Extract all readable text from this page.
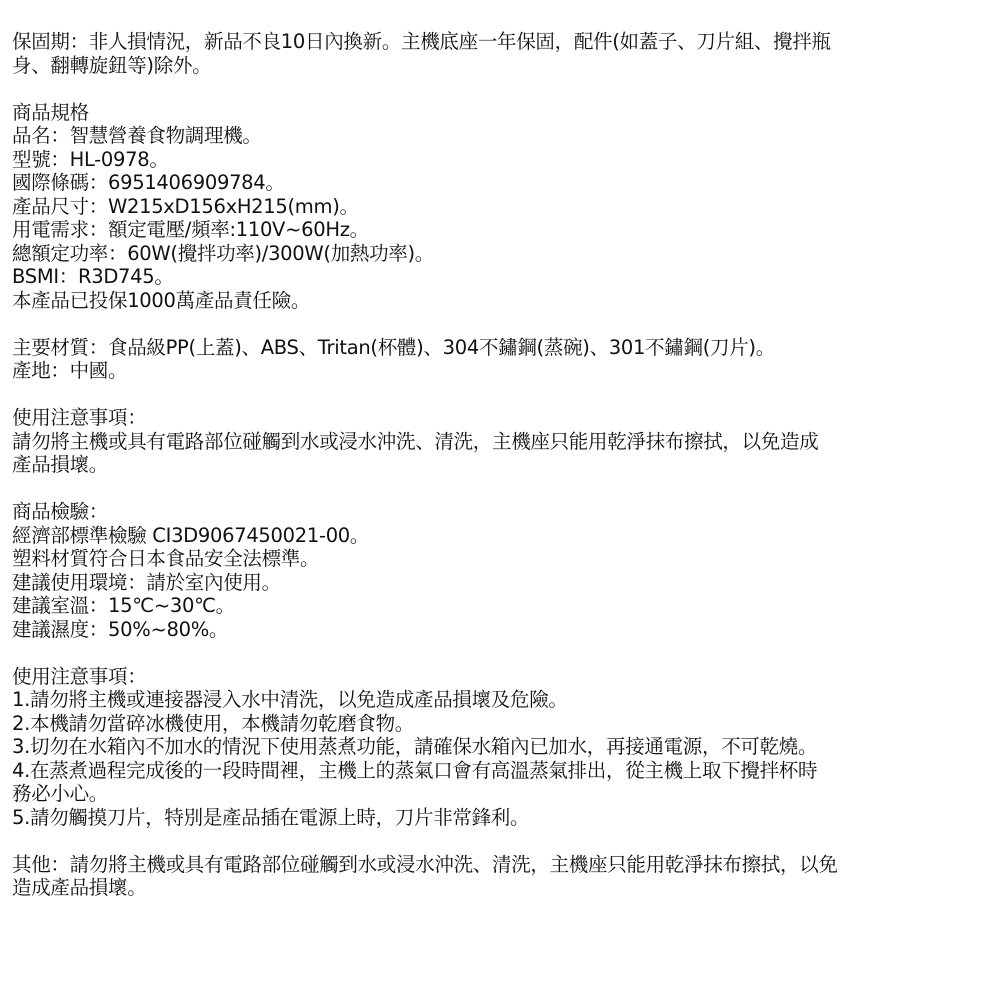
保固期：非人損情況，新品不良10日內換新。主機底座一年保固，配件(如蓋子、刀片組、攪拌瓶
身、翻轉旋鈕等)除外。
商品規格
品名：智慧營養食物調理機。
型號：HL-0978。
國際條碼：6951406909784。
產品尺寸：W215xD156xH215(mm)。
用電需求：額定電壓/頻率:110V~60Hz。
總額定功率：60W(攪拌功率)/300W(加熱功率)。
BSMI：R3D745。
本產品已投保1000萬產品責任險。
主要材質：食品級PP(上蓋)、ABS、Tritan(杯體)、304不鏽鋼(蒸碗)、301不鏽鋼(刀片)。
產地：中國。
使用注意事項：
請勿將主機或具有電路部位碰觸到水或浸水沖洗、清洗，主機座只能用乾淨抹布擦拭，以免造成
產品損壞。
商品檢驗：
經濟部標準檢驗 CI3D9067450021-00。
塑料材質符合日本食品安全法標準。
建議使用環境：請於室內使用。
建議室溫：15℃~30℃。
建議濕度：50%~80%。
使用注意事項：
1.請勿將主機或連接器浸入水中清洗，以免造成產品損壞及危險。
2.本機請勿當碎冰機使用，本機請勿乾磨食物。
3.切勿在水箱內不加水的情況下使用蒸煮功能，請確保水箱內已加水，再接通電源，不可乾燒。
4.在蒸煮過程完成後的一段時間裡，主機上的蒸氣口會有高溫蒸氣排出，從主機上取下攪拌杯時
務必小心。
5.請勿觸摸刀片，特別是產品插在電源上時，刀片非常鋒利。
其他：請勿將主機或具有電路部位碰觸到水或浸水沖洗、清洗，主機座只能用乾淨抹布擦拭，以免
造成產品損壞。
